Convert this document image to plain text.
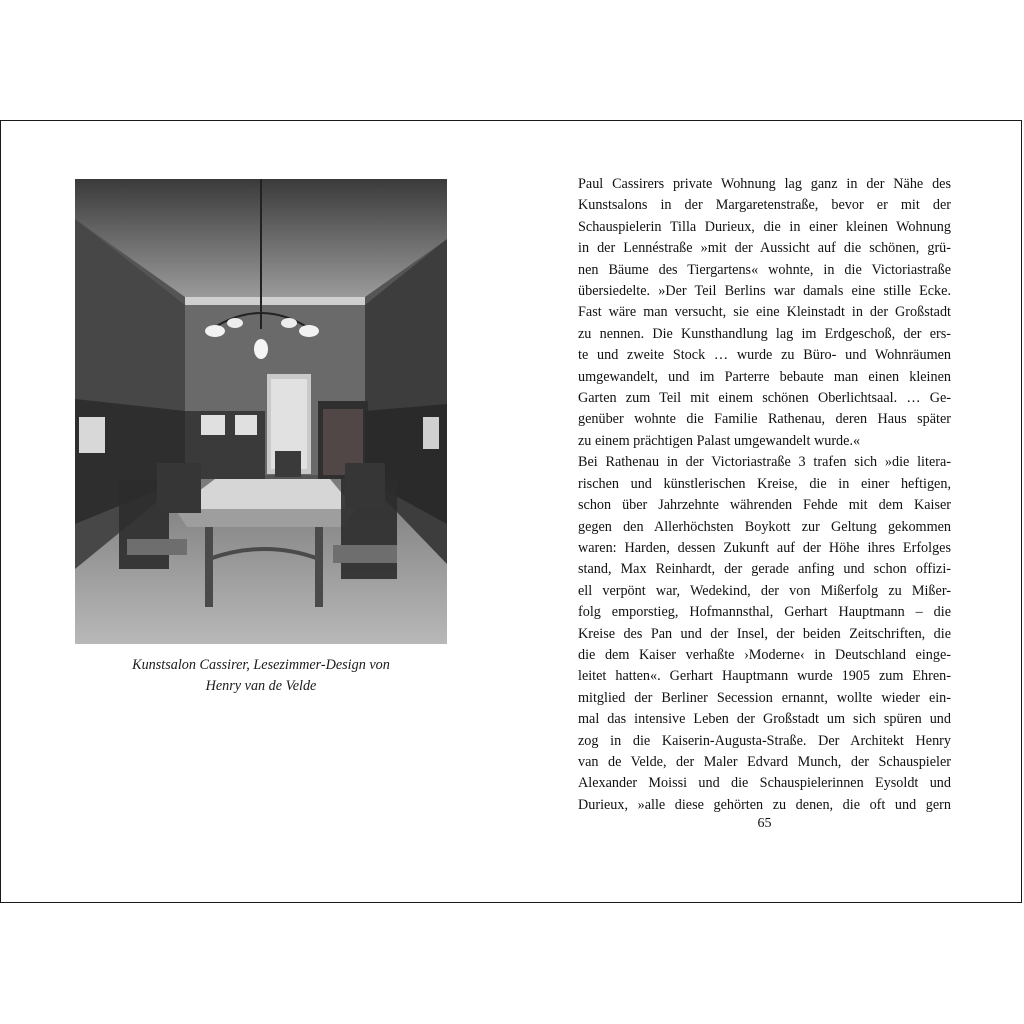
Kunstsalon Cassirer, Lesezimmer-Design von
Henry van de Velde
Paul Cassirers private Wohnung lag ganz in der Nähe des
Kunstsalons in der Margaretenstraße, bevor er mit der
Schauspielerin Tilla Durieux, die in einer kleinen Wohnung
in der Lennéstraße »mit der Aussicht auf die schönen, grü-
nen Bäume des Tiergartens« wohnte, in die Victoriastraße
übersiedelte. »Der Teil Berlins war damals eine stille Ecke.
Fast wäre man versucht, sie eine Kleinstadt in der Großstadt
zu nennen. Die Kunsthandlung lag im Erdgeschoß, der ers-
te und zweite Stock … wurde zu Büro- und Wohnräumen
umgewandelt, und im Parterre bebaute man einen kleinen
Garten zum Teil mit einem schönen Oberlichtsaal. … Ge-
genüber wohnte die Familie Rathenau, deren Haus später
zu einem prächtigen Palast umgewandelt wurde.«
Bei Rathenau in der Victoriastraße 3 trafen sich »die litera-
rischen und künstlerischen Kreise, die in einer heftigen,
schon über Jahrzehnte währenden Fehde mit dem Kaiser
gegen den Allerhöchsten Boykott zur Geltung gekommen
waren: Harden, dessen Zukunft auf der Höhe ihres Erfolges
stand, Max Reinhardt, der gerade anfing und schon offizi-
ell verpönt war, Wedekind, der von Mißerfolg zu Mißer-
folg emporstieg, Hofmannsthal, Gerhart Hauptmann – die
Kreise des Pan und der Insel, der beiden Zeitschriften, die
die dem Kaiser verhaßte ›Moderne‹ in Deutschland einge-
leitet hatten«. Gerhart Hauptmann wurde 1905 zum Ehren-
mitglied der Berliner Secession ernannt, wollte wieder ein-
mal das intensive Leben der Großstadt um sich spüren und
zog in die Kaiserin-Augusta-Straße. Der Architekt Henry
van de Velde, der Maler Edvard Munch, der Schauspieler
Alexander Moissi und die Schauspielerinnen Eysoldt und
Durieux, »alle diese gehörten zu denen, die oft und gern
65
